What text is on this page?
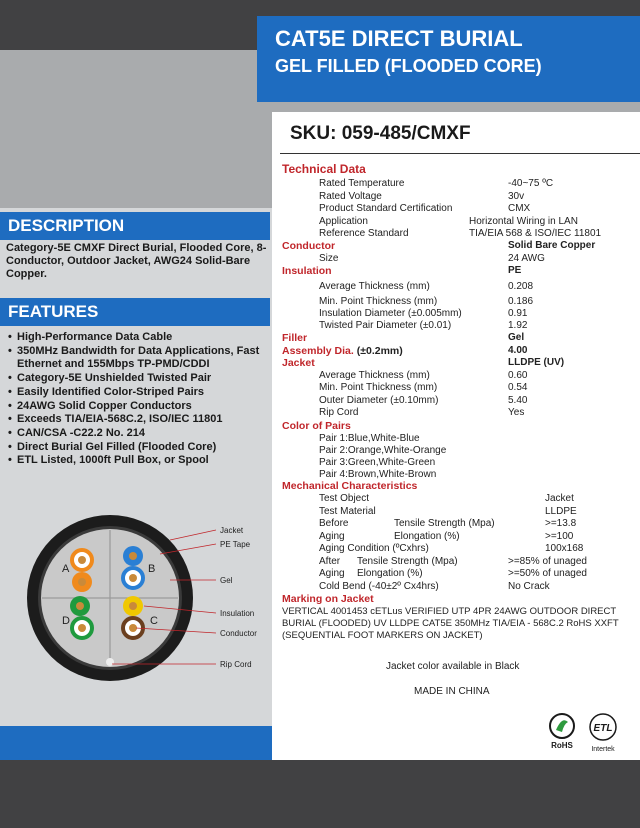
CAT5E DIRECT BURIAL
GEL FILLED (FLOODED CORE)
SKU: 059-485/CMXF
DESCRIPTION
Category-5E CMXF Direct Burial, Flooded Core, 8-Conductor, Outdoor Jacket, AWG24 Solid-Bare Copper.
FEATURES
• High-Performance Data Cable
• 350MHz Bandwidth for Data Applications, Fast Ethernet and 155Mbps TP-PMD/CDDI
• Category-5E Unshielded Twisted Pair
• Easily Identified Color-Striped Pairs
• 24AWG Solid Copper Conductors
• Exceeds TIA/EIA-568C.2, ISO/IEC 11801
• CAN/CSA -C22.2 No. 214
• Direct Burial Gel Filled (Flooded Core)
• ETL Listed, 1000ft Pull Box, or Spool
A	B
D	C
Jacket
PE Tape
Gel
Insulation
Conductor
Rip Cord
Technical Data
Rated Temperature	-40~75 ºC
Rated Voltage	30v
Product Standard Certification	CMX
Application	Horizontal Wiring in LAN
Reference Standard	TIA/EIA 568 & ISO/IEC 11801
Conductor	Solid Bare Copper
Size	24 AWG
Insulation	PE
Average Thickness (mm)	0.208
Min. Point Thickness (mm)	0.186
Insulation Diameter (±0.005mm)	0.91
Twisted Pair Diameter (±0.01)	1.92
Filler	Gel
Assembly Dia. (±0.2mm)	4.00
Jacket	LLDPE (UV)
Average Thickness (mm)	0.60
Min. Point Thickness (mm)	0.54
Outer Diameter (±0.10mm)	5.40
Rip Cord	Yes
Color of Pairs
Pair 1:Blue,White-Blue
Pair 2:Orange,White-Orange
Pair 3:Green,White-Green
Pair 4:Brown,White-Brown
Mechanical Characteristics
Test Object	Jacket
Test Material	LLDPE
Before	Tensile Strength (Mpa)	>=13.8
Aging	Elongation (%)	>=100
Aging Condition (ºCxhrs)	100x168
After Tensile Strength (Mpa)	>=85% of unaged
Aging Elongation (%)	>=50% of unaged
Cold Bend (-40±2º Cx4hrs)	No Crack
Marking on Jacket
VERTICAL 4001453 cETLus VERIFIED UTP 4PR 24AWG OUTDOOR DIRECT BURIAL (FLOODED) UV LLDPE CAT5E 350MHz TIA/EIA - 568C.2 RoHS XXFT (SEQUENTIAL FOOT MARKERS ON JACKET)
Jacket color available in Black
MADE IN CHINA
RoHS
ETL
Intertek
